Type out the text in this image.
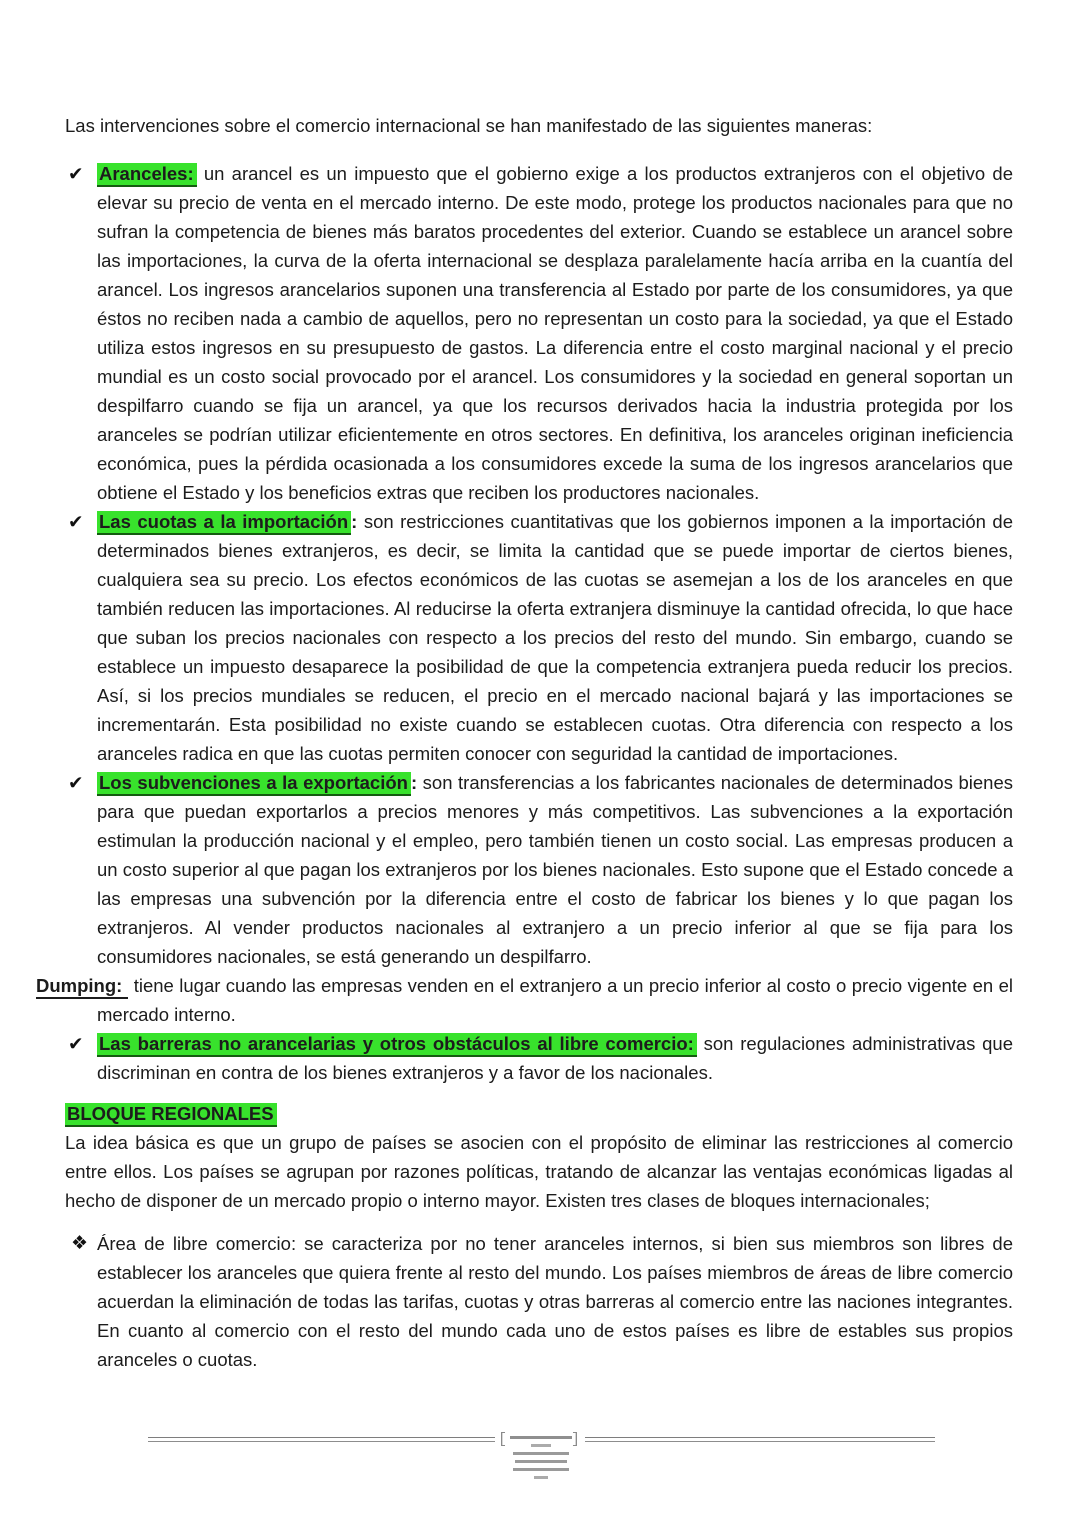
Las intervenciones sobre el comercio internacional se han manifestado de las siguientes maneras:

✔ Aranceles: un arancel es un impuesto que el gobierno exige a los productos extranjeros con el objetivo de elevar su precio de venta en el mercado interno. De este modo, protege los productos nacionales para que no sufran la competencia de bienes más baratos procedentes del exterior. Cuando se establece un arancel sobre las importaciones, la curva de la oferta internacional se desplaza paralelamente hacía arriba en la cuantía del arancel. Los ingresos arancelarios suponen una transferencia al Estado por parte de los consumidores, ya que éstos no reciben nada a cambio de aquellos, pero no representan un costo para la sociedad, ya que el Estado utiliza estos ingresos en su presupuesto de gastos. La diferencia entre el costo marginal nacional y el precio mundial es un costo social provocado por el arancel. Los consumidores y la sociedad en general soportan un despilfarro cuando se fija un arancel, ya que los recursos derivados hacia la industria protegida por los aranceles se podrían utilizar eficientemente en otros sectores. En definitiva, los aranceles originan ineficiencia económica, pues la pérdida ocasionada a los consumidores excede la suma de los ingresos arancelarios que obtiene el Estado y los beneficios extras que reciben los productores nacionales.
✔ Las cuotas a la importación : son restricciones cuantitativas que los gobiernos imponen a la importación de determinados bienes extranjeros, es decir, se limita la cantidad que se puede importar de ciertos bienes, cualquiera sea su precio. Los efectos económicos de las cuotas se asemejan a los de los aranceles en que también reducen las importaciones. Al reducirse la oferta extranjera disminuye la cantidad ofrecida, lo que hace que suban los precios nacionales con respecto a los precios del resto del mundo. Sin embargo, cuando se establece un impuesto desaparece la posibilidad de que la competencia extranjera pueda reducir los precios. Así, si los precios mundiales se reducen, el precio en el mercado nacional bajará y las importaciones se incrementarán. Esta posibilidad no existe cuando se establecen cuotas. Otra diferencia con respecto a los aranceles radica en que las cuotas permiten conocer con seguridad la cantidad de importaciones.
✔ Los subvenciones a la exportación : son transferencias a los fabricantes nacionales de determinados bienes para que puedan exportarlos a precios menores y más competitivos. Las subvenciones a la exportación estimulan la producción nacional y el empleo, pero también tienen un costo social. Las empresas producen a un costo superior al que pagan los extranjeros por los bienes nacionales. Esto supone que el Estado concede a las empresas una subvención por la diferencia entre el costo de fabricar los bienes y lo que pagan los extranjeros. Al vender productos nacionales al extranjero a un precio inferior al que se fija para los consumidores nacionales, se está generando un despilfarro.

Dumping: tiene lugar cuando las empresas venden en el extranjero a un precio inferior al costo o precio vigente en el mercado interno.

✔ Las barreras no arancelarias y otros obstáculos al libre comercio: son regulaciones administrativas que discriminan en contra de los bienes extranjeros y a favor de los nacionales.

BLOQUE REGIONALES

La idea básica es que un grupo de países se asocien con el propósito de eliminar las restricciones al comercio entre ellos. Los países se agrupan por razones políticas, tratando de alcanzar las ventajas económicas ligadas al hecho de disponer de un mercado propio o interno mayor. Existen tres clases de bloques internacionales;

❖ Área de libre comercio: se caracteriza por no tener aranceles internos, si bien sus miembros son libres de establecer los aranceles que quiera frente al resto del mundo. Los países miembros de áreas de libre comercio acuerdan la eliminación de todas las tarifas, cuotas y otras barreras al comercio entre las naciones integrantes. En cuanto al comercio con el resto del mundo cada uno de estos países es libre de estables sus propios aranceles o cuotas.
[	]
